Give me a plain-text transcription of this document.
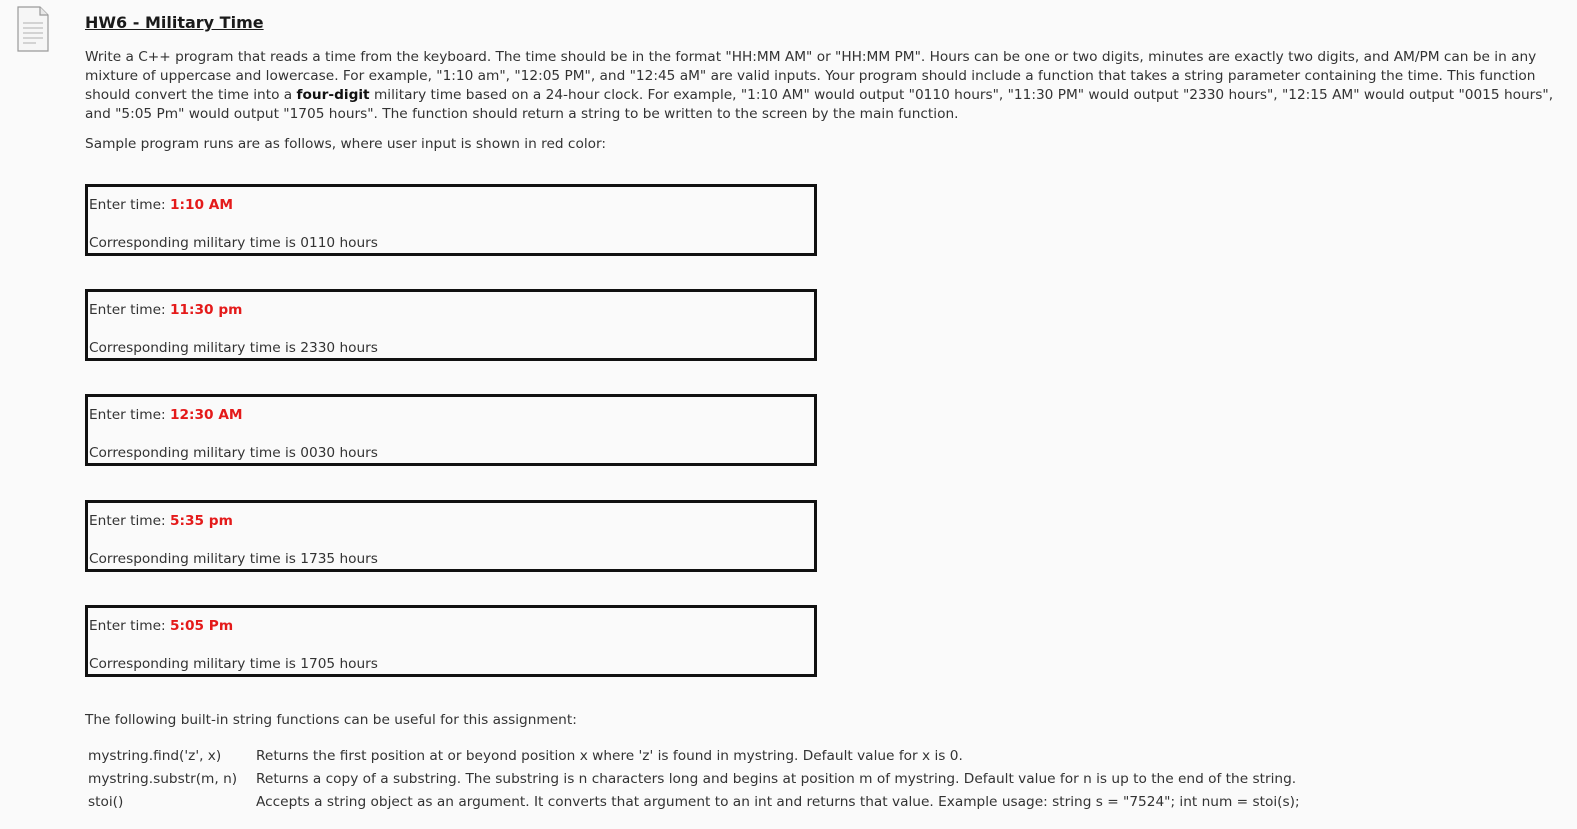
HW6 - Military Time

Write a C++ program that reads a time from the keyboard. The time should be in the format "HH:MM AM" or "HH:MM PM". Hours can be one or two digits, minutes are exactly two digits, and AM/PM can be in any mixture of uppercase and lowercase. For example, "1:10 am", "12:05 PM", and "12:45 aM" are valid inputs. Your program should include a function that takes a string parameter containing the time. This function should convert the time into a four-digit military time based on a 24-hour clock. For example, "1:10 AM" would output "0110 hours", "11:30 PM" would output "2330 hours", "12:15 AM" would output "0015 hours", and "5:05 Pm" would output "1705 hours". The function should return a string to be written to the screen by the main function.

Sample program runs are as follows, where user input is shown in red color:

Enter time: 1:10 AM
Corresponding military time is 0110 hours
Enter time: 11:30 pm
Corresponding military time is 2330 hours
Enter time: 12:30 AM
Corresponding military time is 0030 hours
Enter time: 5:35 pm
Corresponding military time is 1735 hours
Enter time: 5:05 Pm
Corresponding military time is 1705 hours
The following built-in string functions can be useful for this assignment:
mystring.find('z', x)	Returns the first position at or beyond position x where 'z' is found in mystring. Default value for x is 0.
mystring.substr(m, n) Returns a copy of a substring. The substring is n characters long and begins at position m of mystring. Default value for n is up to the end of the string.
stoi()	Accepts a string object as an argument. It converts that argument to an int and returns that value. Example usage: string s = "7524"; int num = stoi(s);
